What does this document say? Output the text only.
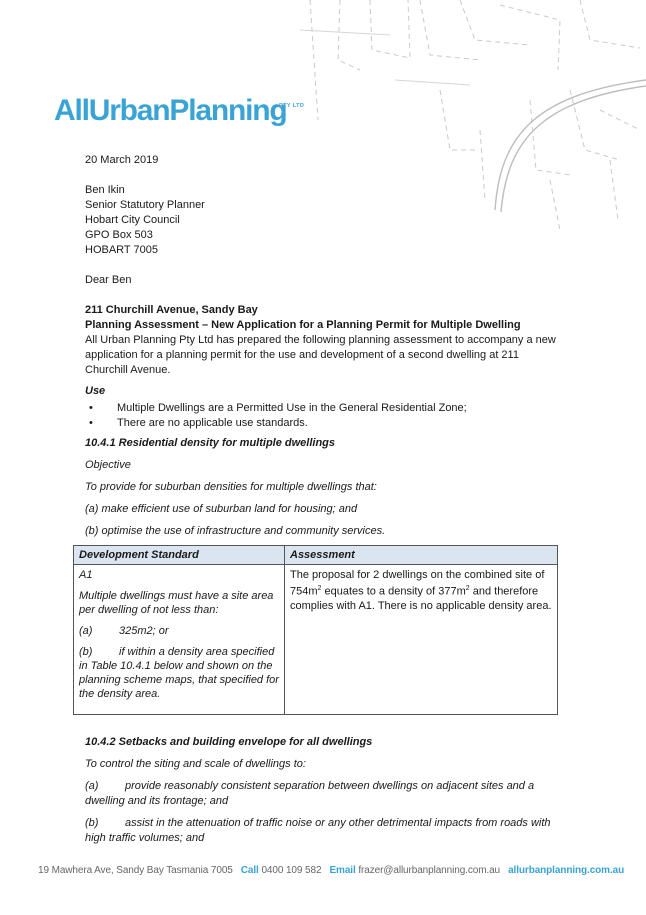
AllUrbanPlanning
PTY LTD

20 March 2019

Ben Ikin

Senior Statutory Planner

Hobart City Council

GPO Box 503

HOBART 7005

Dear Ben

211 Churchill Avenue, Sandy Bay

Planning Assessment – New Application for a Planning Permit for Multiple Dwelling

All Urban Planning Pty Ltd has prepared the following planning assessment to accompany a new application for a planning permit for the use and development of a second dwelling at 211 Churchill Avenue.

Use

• Multiple Dwellings are a Permitted Use in the General Residential Zone;
• There are no applicable use standards.

10.4.1 Residential density for multiple dwellings

Objective

To provide for suburban densities for multiple dwellings that:

(a) make efficient use of suburban land for housing; and

(b) optimise the use of infrastructure and community services.

Development Standard	Assessment

A1

Multiple dwellings must have a site area per dwelling of not less than:

(a) 325m2; or

(b) if within a density area specified in Table 10.4.1 below and shown on the planning scheme maps, that specified for the density area.	The proposal for 2 dwellings on the combined site of $754m^2$ equates to a density of $377m^2$ and therefore complies with A1. There is no applicable density area.

10.4.2 Setbacks and building envelope for all dwellings

To control the siting and scale of dwellings to:

(a) provide reasonably consistent separation between dwellings on adjacent sites and a dwelling and its frontage; and

(b) assist in the attenuation of traffic noise or any other detrimental impacts from roads with high traffic volumes; and

19 Mawhera Ave, Sandy Bay Tasmania 7005 Call 0400 109 582 Email frazer@allurbanplanning.com.au allurbanplanning.com.au
